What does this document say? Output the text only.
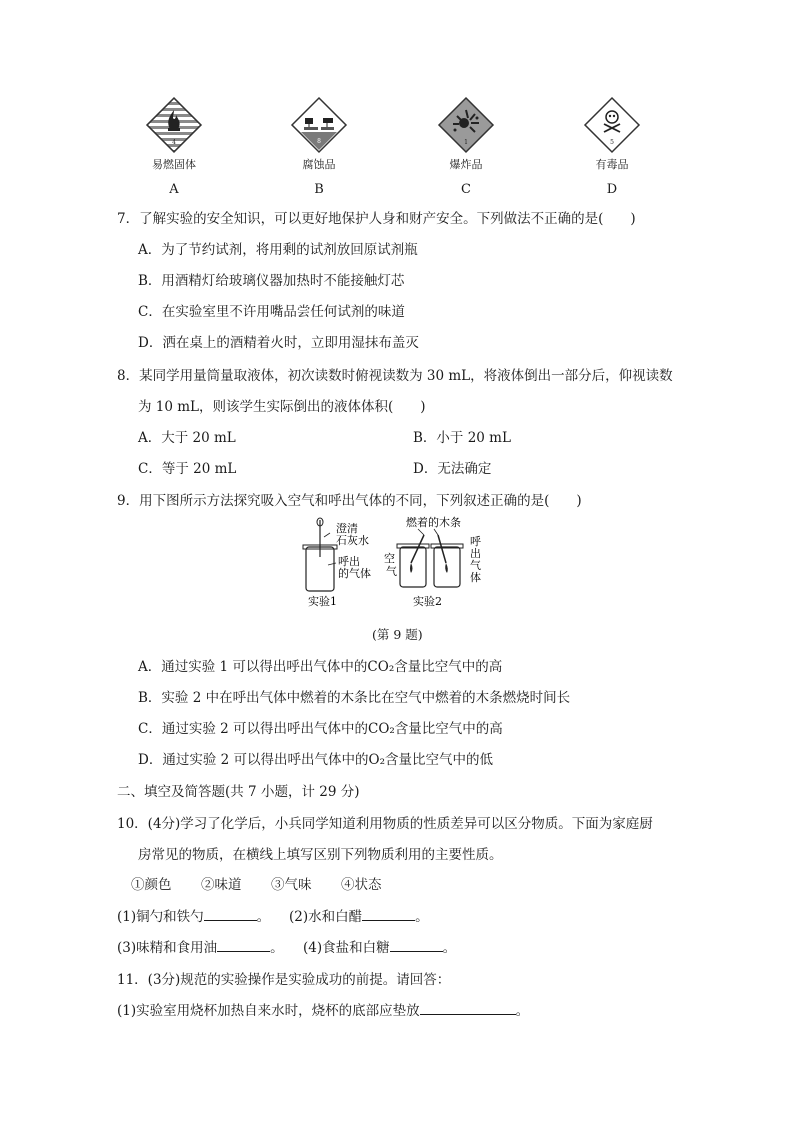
4
易燃固体
A
8
腐蚀品
B
1
爆炸品
C
5
有毒品
D
7．了解实验的安全知识，可以更好地保护人身和财产安全。下列做法不正确的是(　　)
A．为了节约试剂，将用剩的试剂放回原试剂瓶
B．用酒精灯给玻璃仪器加热时不能接触灯芯
C．在实验室里不许用嘴品尝任何试剂的味道
D．洒在桌上的酒精着火时，立即用湿抹布盖灭
8．某同学用量筒量取液体，初次读数时俯视读数为 30 mL，将液体倒出一部分后，仰视读数
为 10 mL，则该学生实际倒出的液体体积(　　)
A．大于 20 mL	B．小于 20 mL
C．等于 20 mL	D．无法确定
9．用下图所示方法探究吸入空气和呼出气体的不同，下列叙述正确的是(　　)
澄清
石灰水
呼出
的气体
实验1
燃着的木条
空
气
呼
出
气
体
实验2
(第 9 题)
A．通过实验 1 可以得出呼出气体中的CO₂含量比空气中的高
B．实验 2 中在呼出气体中燃着的木条比在空气中燃着的木条燃烧时间长
C．通过实验 2 可以得出呼出气体中的CO₂含量比空气中的高
D．通过实验 2 可以得出呼出气体中的O₂含量比空气中的低
二、填空及简答题(共 7 小题，计 29 分)
10．(4分)学习了化学后，小兵同学知道利用物质的性质差异可以区分物质。下面为家庭厨
房常见的物质，在横线上填写区别下列物质利用的主要性质。
①颜色 ②味道 ③气味 ④状态
(1)铜勺和铁勺	。 (2)水和白醋	。
(3)味精和食用油	。 (4)食盐和白糖	。
11．(3分)规范的实验操作是实验成功的前提。请回答：
(1)实验室用烧杯加热自来水时，烧杯的底部应垫放	。
